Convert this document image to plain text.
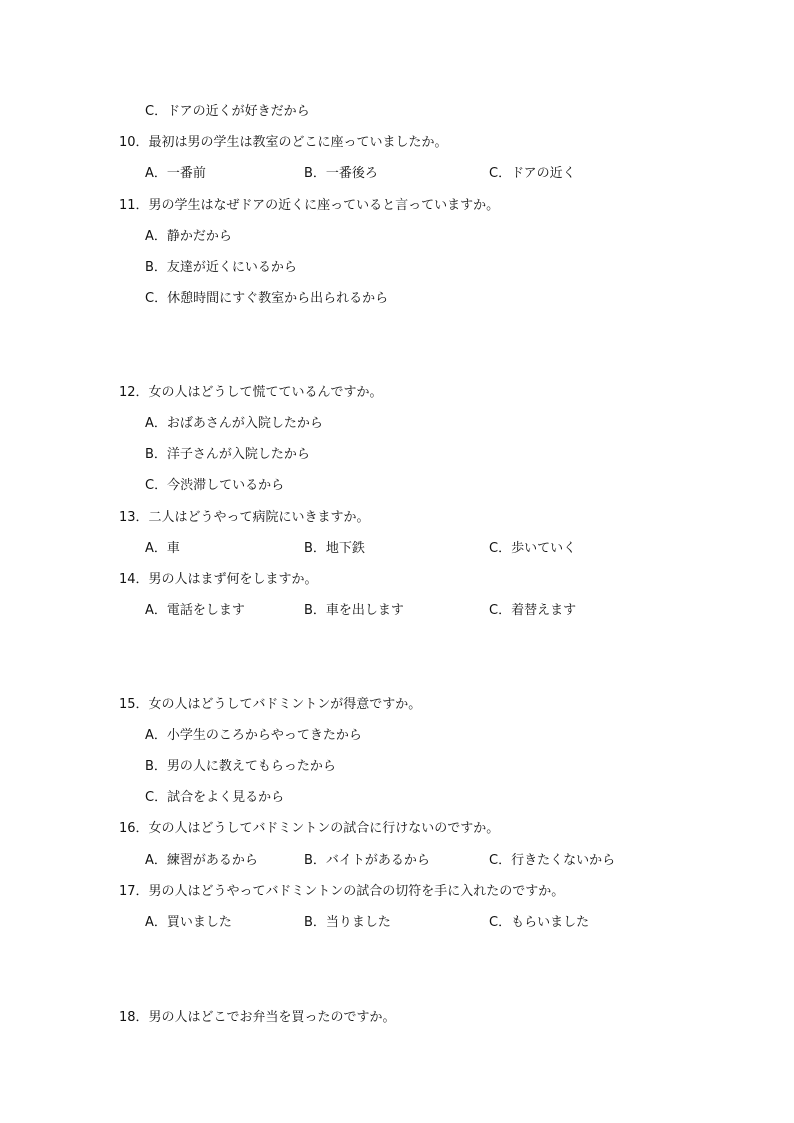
C．ドアの近くが好きだから
10．最初は男の学生は教室のどこに座っていましたか。
A．一番前	B．一番後ろ	C．ドアの近く
11．男の学生はなぜドアの近くに座っていると言っていますか。
A．静かだから
B．友達が近くにいるから
C．休憩時間にすぐ教室から出られるから
12．女の人はどうして慌てているんですか。
A．おばあさんが入院したから
B．洋子さんが入院したから
C．今渋滞しているから
13．二人はどうやって病院にいきますか。
A．車	B．地下鉄	C．歩いていく
14．男の人はまず何をしますか。
A．電話をします	B．車を出します	C．着替えます
15．女の人はどうしてバドミントンが得意ですか。
A．小学生のころからやってきたから
B．男の人に教えてもらったから
C．試合をよく見るから
16．女の人はどうしてバドミントンの試合に行けないのですか。
A．練習があるから	B．バイトがあるから	C．行きたくないから
17．男の人はどうやってバドミントンの試合の切符を手に入れたのですか。
A．買いました	B．当りました	C．もらいました
18．男の人はどこでお弁当を買ったのですか。
